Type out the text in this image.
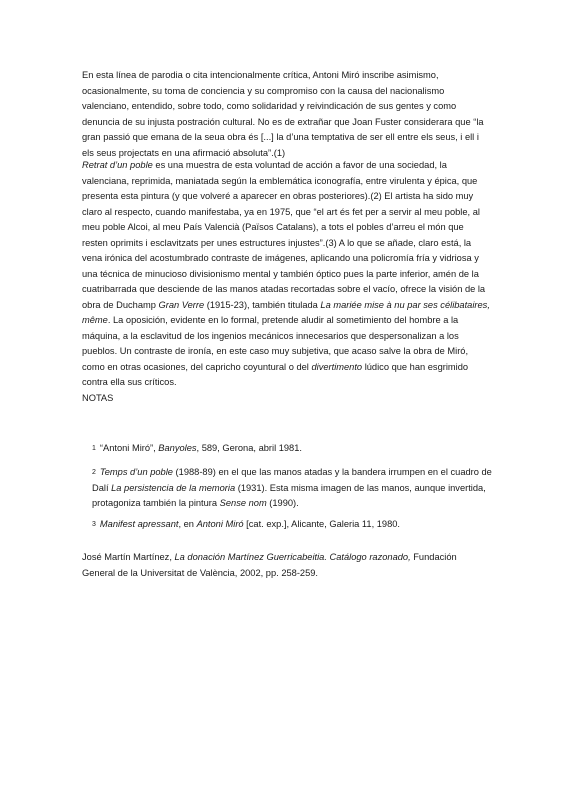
En esta línea de parodia o cita intencionalmente crítica, Antoni Miró inscribe asimismo, ocasionalmente, su toma de conciencia y su compromiso con la causa del nacionalismo valenciano, entendido, sobre todo, como solidaridad y reivindicación de sus gentes y como denuncia de su injusta postración cultural. No es de extrañar que Joan Fuster considerara que “la gran passió que emana de la seua obra és [...] la d’una temptativa de ser ell entre els seus, i ell i els seus projectats en una afirmació absoluta”.(1)

Retrat d’un poble es una muestra de esta voluntad de acción a favor de una sociedad, la valenciana, reprimida, maniatada según la emblemática iconografía, entre virulenta y épica, que presenta esta pintura (y que volveré a aparecer en obras posteriores).(2) El artista ha sido muy claro al respecto, cuando manifestaba, ya en 1975, que “el art és fet per a servir al meu poble, al meu poble Alcoi, al meu País Valencià (Països Catalans), a tots el pobles d’arreu el món que resten oprimits i esclavitzats per unes estructures injustes”.(3) A lo que se añade, claro está, la vena irónica del acostumbrado contraste de imágenes, aplicando una policromía fría y vidriosa y una técnica de minucioso divisionismo mental y también óptico pues la parte inferior, amén de la cuatribarrada que desciende de las manos atadas recortadas sobre el vacío, ofrece la visión de la obra de Duchamp Gran Verre (1915-23), también titulada La mariée mise à nu par ses célibataires, même. La oposición, evidente en lo formal, pretende aludir al sometimiento del hombre a la máquina, a la esclavitud de los ingenios mecánicos innecesarios que despersonalizan a los pueblos. Un contraste de ironía, en este caso muy subjetiva, que acaso salve la obra de Miró, como en otras ocasiones, del capricho coyuntural o del divertimento lúdico que han esgrimido contra ella sus críticos.

NOTAS

1 “Antoni Miró”, Banyoles, 589, Gerona, abril 1981.

2 Temps d’un poble (1988-89) en el que las manos atadas y la bandera irrumpen en el cuadro de Dalí La persistencia de la memoria (1931). Esta misma imagen de las manos, aunque invertida, protagoniza también la pintura Sense nom (1990).

3 Manifest apressant, en Antoni Miró [cat. exp.], Alicante, Galeria 11, 1980.

José Martín Martínez, La donación Martínez Guerricabeitia. Catálogo razonado, Fundación General de la Universitat de València, 2002, pp. 258-259.
